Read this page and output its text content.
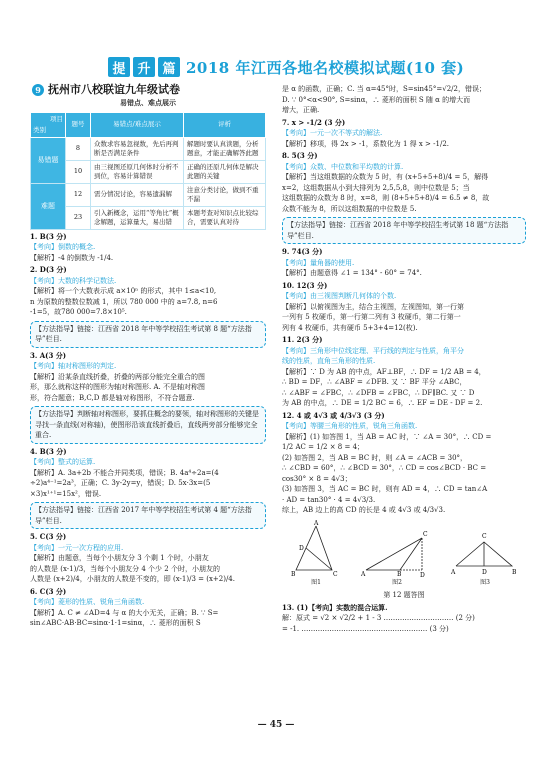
提 升 篇 2018 年江西各地名校模拟试题(10 套)
9 抚州市八校联谊九年级试卷
易错点、难点展示
项目
类别	题号	易错点/难点展示	评析
易错题	8	众数求容易忽视数，先后再判断是否满足条件	解题时要认真读题，分析题意，才能正确解答此题
	10	由三视图还原几何体时分析不到位，容易计算错误	正确的还原几何体是解决此题的关键
难题	12	需分情况讨论，容易遗漏解	注意分类讨论，做到不重不漏
	23	引入新概念，运用“等角比”概念解题，运算量大，易出错	本题考查对知识点比较综合，需要认真对待
1. B(3 分)
【考向】倒数的概念.
【解析】-4 的倒数为 -1/4.
2. D(3 分)
【考向】大数的科学记数法.
【解析】将一个大数表示成 a×10ⁿ 的形式，其中 1≤a<10,
n 为原数的整数位数减 1，所以 780 000 中的 a=7.8, n=6
-1=5，故780 000=7.8×10⁵.
【方法指导】链接：江西省 2018 年中等学校招生考试第 8 题“方法指导”栏目.
3. A(3 分)
【考向】轴对称图形的判定.
【解析】沿某条直线折叠，折叠的两部分能完全重合的图
形，那么就称这样的图形为轴对称图形. A. 不是轴对称图
形，符合题意；B,C,D 都是轴对称图形，不符合题意.
【方法指导】判断轴对称图形，要抓住概念的要领，轴对称图形的关键是寻找一条直线(对称轴)，使图形沿该直线折叠后，直线两旁部分能够完全重合.
4. B(3 分)
【考向】整式的运算.
【解析】A. 3a+2b 不能合并同类项，错误；B. 4a⁴÷2a=(4
÷2)a⁴⁻¹=2a³，正确；C. 3y-2y=y，错误；D. 5x·3x=(5
×3)x¹⁺¹=15x²，错误.
【方法指导】链接：江西省 2017 年中等学校招生考试第 4 题“方法指导”栏目.
5. C(3 分)
【考向】一元一次方程的应用.
【解析】由题意，当每个小朋友分 3 个剩 1 个时，小朋友
的人数是 (x-1)/3，当每个小朋友分 4 个少 2 个时，小朋友的
人数是 (x+2)/4，小朋友的人数是不变的，即 (x-1)/3 = (x+2)/4.
6. C(3 分)
【考向】菱形的性质、锐角三角函数.
【解析】A. C ≠ ∠AD=4 与 α 的大小无关，正确；B. ∵ S=
sin∠ABC·AB·BC=sinα·1·1=sinα，∴ 菱形的面积 S
是 α 的函数，正确；C. 当 α=45°时，S=sin45°=√2/2，错误；
D. ∵ 0°<α<90°, S=sinα，∴ 菱形的面积 S 随 α 的增大而
增大，正确.
7. x > -1/2 (3 分)
【考向】一元一次不等式的解法.
【解析】移项，得 2x > -1，系数化为 1 得 x > -1/2.
8. 5(3 分)
【考向】众数、中位数和平均数的计算.
【解析】当这组数据的众数为 5 时，有 (x+5+5+8)/4 = 5，解得
x=2，这组数据从小到大排列为 2,5,5,8，则中位数是 5；当
这组数据的众数为 8 时，x=8，则 (8+5+5+8)/4 = 6.5 ≠ 8，故
众数不能为 8，所以这组数据的中位数是 5.
【方法指导】链接：江西省 2018 年中等学校招生考试第 18 题“方法指导”栏目.
9. 74(3 分)
【考向】量角器的使用.
【解析】由题意得 ∠1 = 134° - 60° = 74°.
10. 12(3 分)
【考向】由三视图判断几何体的个数.
【解析】以俯视图为主，结合主视图，左视图知，第一行第
一列有 5 枚硬币，第一行第二列有 3 枚硬币，第二行第一
列有 4 枚硬币，共有硬币 5+3+4=12(枚).
11. 2(3 分)
【考向】三角形中位线定理、平行线的判定与性质，角平分
线的性质，直角三角形的性质.
【解析】∵ D 为 AB 的中点，AF⊥BF，∴ DF = 1/2 AB = 4，
∴ BD = DF，∴ ∠ABF = ∠DFB. 又 ∵ BF 平分 ∠ABC，
∴ ∠ABF = ∠FBC，∴ ∠DFB = ∠FBC，∴ DF∥BC. 又 ∵ D
为 AB 的中点，∴ DE = 1/2 BC = 6，∴ EF = DE - DF = 2.
12. 4 或 4√3 或 4/3√3 (3 分)
【考向】等腰三角形的性质，锐角三角函数.
【解析】(1) 如答图 1，当 AB = AC 时，∵ ∠A = 30°，∴ CD =
1/2 AC = 1/2 × 8 = 4；
(2) 如答图 2，当 AB = BC 时，则 ∠A = ∠ACB = 30°，
∴ ∠CBD = 60°，∴ ∠BCD = 30°，∴ CD = cos∠BCD · BC =
cos30° × 8 = 4√3；
(3) 如答图 3，当 AC = BC 时，则有 AD = 4，∴ CD = tan∠A
· AD = tan30° · 4 = 4√3/3.
综上，AB 边上的高 CD 的长是 4 或 4√3 或 4/3√3.
A
D
B	C	A	B	D
C	C
A	D	B
图1	图2	图3
第 12 题答图
13. (1)【考向】实数的混合运算.
解：原式 = √2 × √2/2 + 1 - 3 ………………………… (2 分)
= -1. ……………………………………………… (3 分)
— 45 —
